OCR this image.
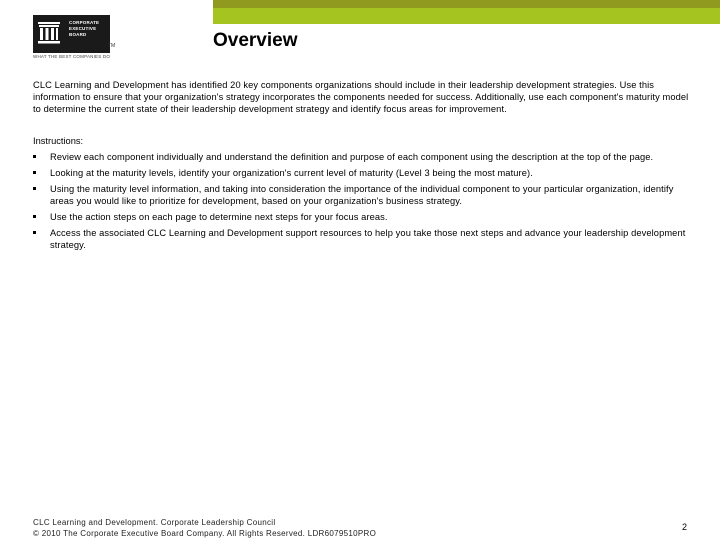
CORPORATE
EXECUTIVE
BOARD
TM
WHAT THE BEST COMPANIES DO
Overview

CLC Learning and Development has identified 20 key components organizations should include in their leadership development strategies. Use this information to ensure that your organization's strategy incorporates the components needed for success. Additionally, use each component's maturity model to determine the current state of their leadership development strategy and identify focus areas for improvement.

Instructions:
Review each component individually and understand the definition and purpose of each component using the description at the top of the page.
Looking at the maturity levels, identify your organization's current level of maturity (Level 3 being the most mature).
Using the maturity level information, and taking into consideration the importance of the individual component to your particular organization, identify areas you would like to prioritize for development, based on your organization's business strategy.
Use the action steps on each page to determine next steps for your focus areas.
Access the associated CLC Learning and Development support resources to help you take those next steps and advance your leadership development strategy.
CLC Learning and Development. Corporate Leadership Council
© 2010 The Corporate Executive Board Company. All Rights Reserved. LDR6079510PRO
2
